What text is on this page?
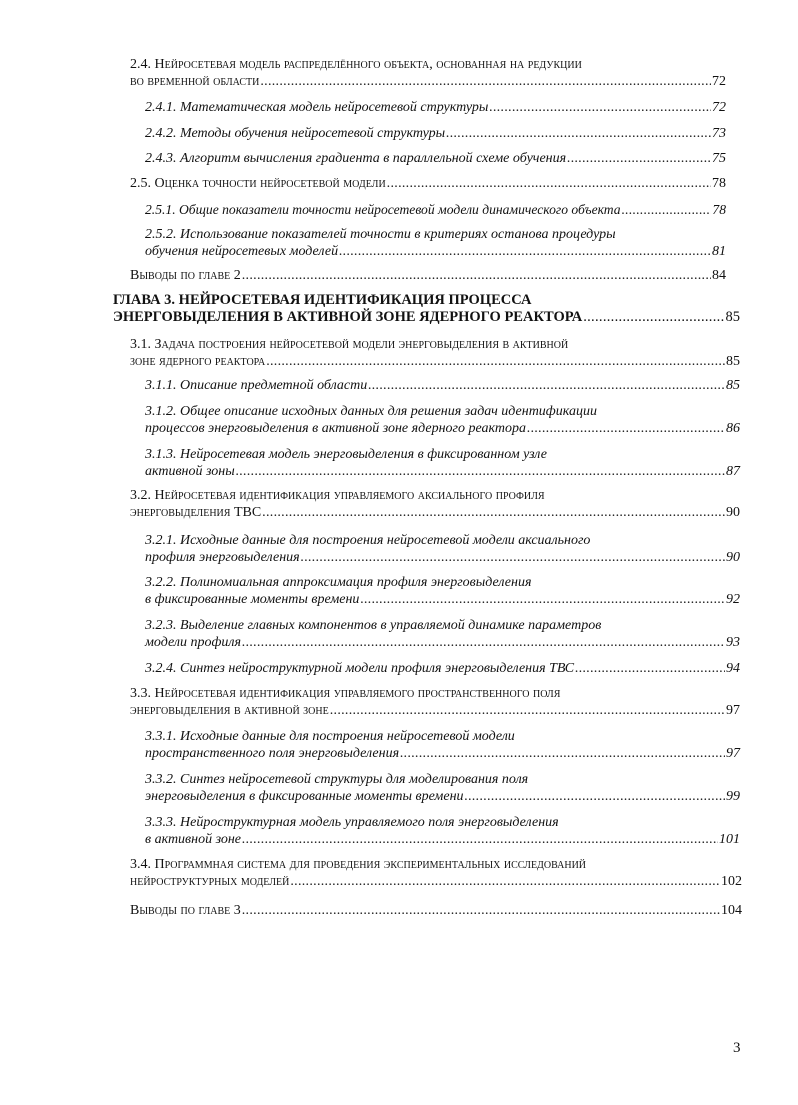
2.4. Нейросетевая модель распределённого объекта, основанная на редукции
во временной области .....	72
2.4.1. Математическая модель нейросетевой структуры .....	72
2.4.2. Методы обучения нейросетевой структуры .....	73
2.4.3. Алгоритм вычисления градиента в параллельной схеме обучения .....	75
2.5. Оценка точности нейросетевой модели .....	78
2.5.1. Общие показатели точности нейросетевой модели динамического объекта .....	78
2.5.2. Использование показателей точности в критериях останова процедуры
обучения нейросетевых моделей .....	81
Выводы по главе 2 .....	84
ГЛАВА 3. НЕЙРОСЕТЕВАЯ ИДЕНТИФИКАЦИЯ ПРОЦЕССА
ЭНЕРГОВЫДЕЛЕНИЯ В АКТИВНОЙ ЗОНЕ ЯДЕРНОГО РЕАКТОРА .....	85
3.1. Задача построения нейросетевой модели энерговыделения в активной
зоне ядерного реактора .....	85
3.1.1. Описание предметной области .....	85
3.1.2. Общее описание исходных данных для решения задач идентификации
процессов энерговыделения в активной зоне ядерного реактора .....	86
3.1.3. Нейросетевая модель энерговыделения в фиксированном узле
активной зоны .....	87
3.2. Нейросетевая идентификация управляемого аксиального профиля
энерговыделения ТВС .....	90
3.2.1. Исходные данные для построения нейросетевой модели аксиального
профиля энерговыделения .....	90
3.2.2. Полиномиальная аппроксимация профиля энерговыделения
в фиксированные моменты времени .....	92
3.2.3. Выделение главных компонентов в управляемой динамике параметров
модели профиля .....	93
3.2.4. Синтез нейроструктурной модели профиля энерговыделения ТВС .....	94
3.3. Нейросетевая идентификация управляемого пространственного поля
энерговыделения в активной зоне .....	97
3.3.1. Исходные данные для построения нейросетевой модели
пространственного поля энерговыделения .....	97
3.3.2. Синтез нейросетевой структуры для моделирования поля
энерговыделения в фиксированные моменты времени .....	99
3.3.3. Нейроструктурная модель управляемого поля энерговыделения
в активной зоне .....	101
3.4. Программная система для проведения экспериментальных исследований
нейроструктурных моделей .....	102
Выводы по главе 3 .....	104
3
